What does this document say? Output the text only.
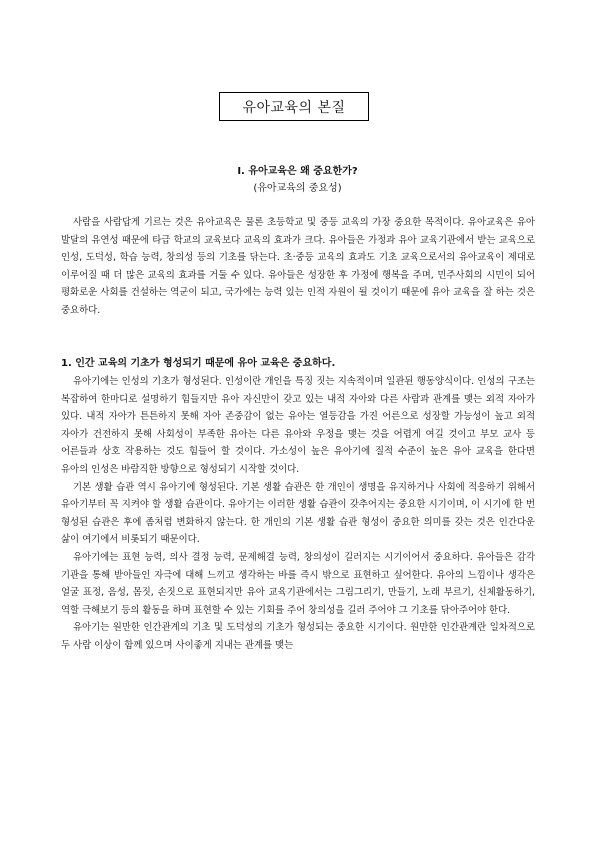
유아교육의 본질
Ⅰ. 유아교육은 왜 중요한가?
(유아교육의 중요성)

사람을 사람답게 기르는 것은 유아교육은 물론 초등학교 및 중등 교육의 가장 중요한 목적이다. 유아교육은 유아 발달의 유연성 때문에 타급 학교의 교육보다 교육의 효과가 크다. 유아들은 가정과 유아 교육기관에서 받는 교육으로 인성, 도덕성, 학습 능력, 창의성 등의 기초를 닦는다. 초·중등 교육의 효과도 기초 교육으로서의 유아교육이 제대로 이루어질 때 더 많은 교육의 효과를 거둘 수 있다. 유아들은 성장한 후 가정에 행복을 주며, 민주사회의 시민이 되어 평화로운 사회를 건설하는 역군이 되고, 국가에는 능력 있는 인적 자원이 될 것이기 때문에 유아 교육을 잘 하는 것은 중요하다.

1. 인간 교육의 기초가 형성되기 때문에 유아 교육은 중요하다.

유아기에는 인성의 기초가 형성된다. 인성이란 개인을 특징 짓는 지속적이며 일관된 행동양식이다. 인성의 구조는 복잡하여 한마디로 설명하기 힘들지만 유아 자신만이 갖고 있는 내적 자아와 다른 사람과 관계를 맺는 외적 자아가 있다. 내적 자아가 튼튼하지 못해 자아 존중감이 없는 유아는 열등감을 가진 어른으로 성장할 가능성이 높고 외적 자아가 건전하지 못해 사회성이 부족한 유아는 다른 유아와 우정을 맺는 것을 어렵게 여길 것이고 부모 교사 등 어른들과 상호 작용하는 것도 힘들어 할 것이다. 가소성이 높은 유아기에 질적 수준이 높은 유아 교육을 한다면 유아의 인성은 바람직한 방향으로 형성되기 시작할 것이다.

기본 생활 습관 역시 유아기에 형성된다. 기본 생활 습관은 한 개인이 생명을 유지하거나 사회에 적응하기 위해서 유아기부터 꼭 지켜야 할 생활 습관이다. 유아기는 이러한 생활 습관이 갖추어지는 중요한 시기이며, 이 시기에 한 번 형성된 습관은 후에 좀처럼 변화하지 않는다. 한 개인의 기본 생활 습관 형성이 중요한 의미를 갖는 것은 인간다운 삶이 여기에서 비롯되기 때문이다.

유아기에는 표현 능력, 의사 결정 능력, 문제해결 능력, 창의성이 길러지는 시기이어서 중요하다. 유아들은 감각 기관을 통해 받아들인 자극에 대해 느끼고 생각하는 바를 즉시 밖으로 표현하고 싶어한다. 유아의 느낌이나 생각은 얼굴 표정, 음성, 몸짓, 손짓으로 표현되지만 유아 교육기관에서는 그림그리기, 만들기, 노래 부르기, 신체활동하기, 역할 극해보기 등의 활동을 하며 표현할 수 있는 기회를 주어 창의성을 길러 주어야 그 기초를 닦아주어야 한다.

유아기는 원만한 인간관계의 기초 및 도덕성의 기초가 형성되는 중요한 시기이다. 원만한 인간관계란 일차적으로 두 사람 이상이 함께 있으며 사이좋게 지내는 관계를 맺는
